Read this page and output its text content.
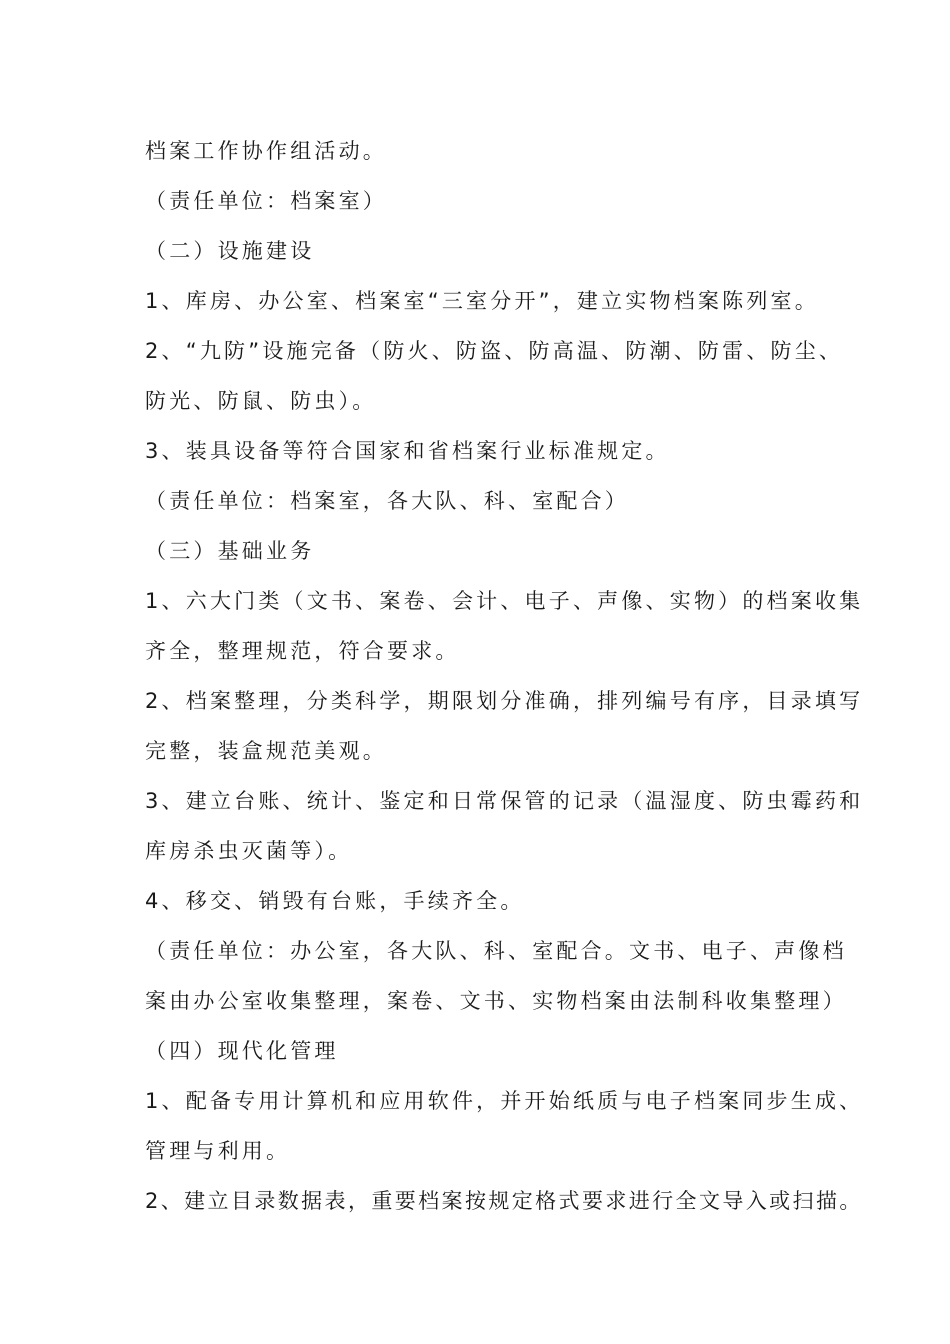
档案工作协作组活动。
（责任单位：档案室）
（二）设施建设
1、库房、办公室、档案室“三室分开”，建立实物档案陈列室。
2、“九防”设施完备（防火、防盗、防高温、防潮、防雷、防尘、
防光、防鼠、防虫）。
3、装具设备等符合国家和省档案行业标准规定。
（责任单位：档案室，各大队、科、室配合）
（三）基础业务
1、六大门类（文书、案卷、会计、电子、声像、实物）的档案收集
齐全，整理规范，符合要求。
2、档案整理，分类科学，期限划分准确，排列编号有序，目录填写
完整，装盒规范美观。
3、建立台账、统计、鉴定和日常保管的记录（温湿度、防虫霉药和
库房杀虫灭菌等）。
4、移交、销毁有台账，手续齐全。
（责任单位：办公室，各大队、科、室配合。文书、电子、声像档
案由办公室收集整理，案卷、文书、实物档案由法制科收集整理）
（四）现代化管理
1、配备专用计算机和应用软件，并开始纸质与电子档案同步生成、
管理与利用。
2、建立目录数据表，重要档案按规定格式要求进行全文导入或扫描。
